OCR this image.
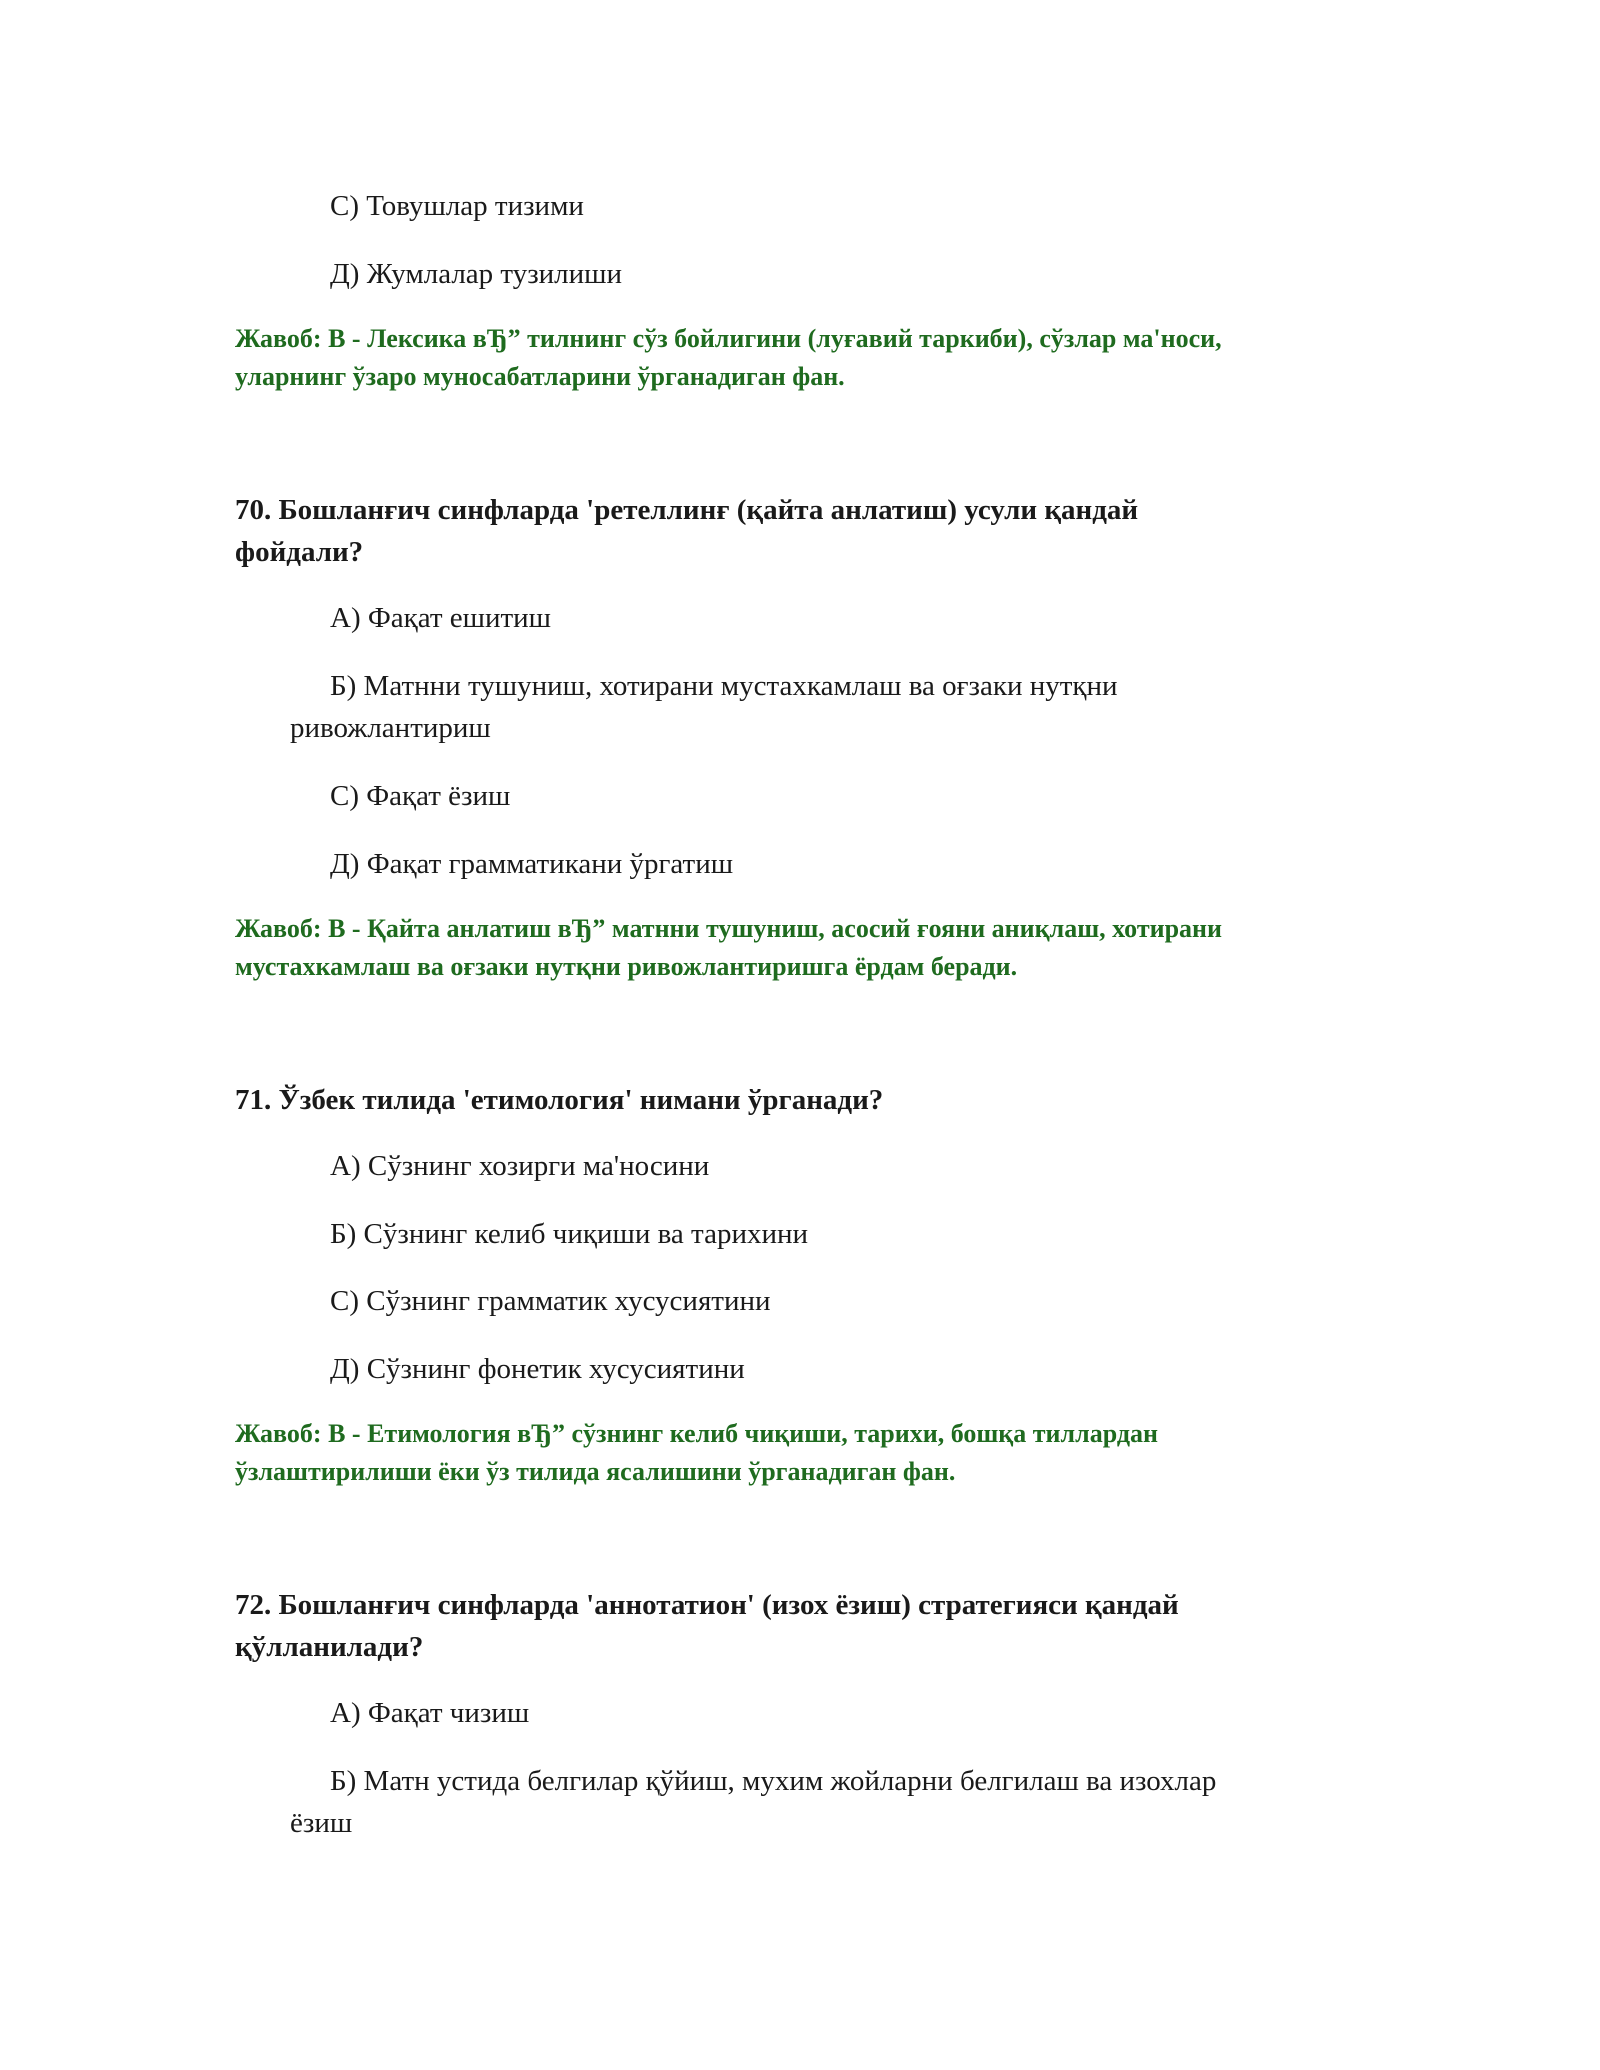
С) Товушлар тизими
Д) Жумлалар тузилиши
Жавоб: В - Лексика вЂ” тилнинг сўз бойлигини (луғавий таркиби), сўзлар ма'носи,
уларнинг ўзаро муносабатларини ўрганадиган фан.
70. Бошланғич синфларда 'ретеллинғ (қайта анлатиш) усули қандай
фойдали?
А) Фақат ешитиш
Б) Матнни тушуниш, хотирани мустахкамлаш ва оғзаки нутқни
ривожлантириш
С) Фақат ёзиш
Д) Фақат грамматикани ўргатиш
Жавоб: В - Қайта анлатиш вЂ” матнни тушуниш, асосий ғояни аниқлаш, хотирани
мустахкамлаш ва оғзаки нутқни ривожлантиришга ёрдам беради.
71. Ўзбек тилида 'етимология' нимани ўрганади?
А) Сўзнинг хозирги ма'носини
Б) Сўзнинг келиб чиқиши ва тарихини
С) Сўзнинг грамматик хусусиятини
Д) Сўзнинг фонетик хусусиятини
Жавоб: В - Етимология вЂ” сўзнинг келиб чиқиши, тарихи, бошқа тиллардан
ўзлаштирилиши ёки ўз тилида ясалишини ўрганадиган фан.
72. Бошланғич синфларда 'аннотатион' (изох ёзиш) стратегияси қандай
қўлланилади?
А) Фақат чизиш
Б) Матн устида белгилар қўйиш, мухим жойларни белгилаш ва изохлар
ёзиш
